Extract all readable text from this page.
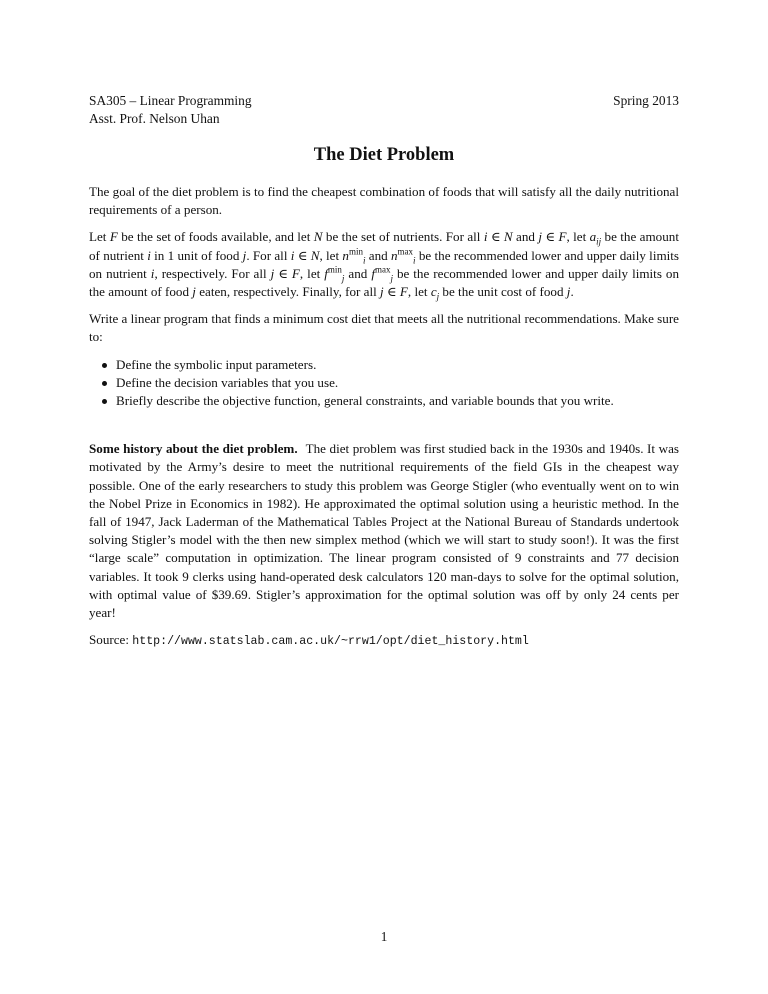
SA305 – Linear Programming
Asst. Prof. Nelson Uhan
Spring 2013
The Diet Problem

The goal of the diet problem is to find the cheapest combination of foods that will satisfy all the daily nutritional requirements of a person.

Let F be the set of foods available, and let N be the set of nutrients. For all i ∈ N and j ∈ F, let $a_{ij}$ be the amount of nutrient i in 1 unit of food j. For all i ∈ N, let $n^{min}_i$ and $n^{max}_i$ be the recommended lower and upper daily limits on nutrient i, respectively. For all j ∈ F, let $f^{min}_j$ and $f^{max}_j$ be the recommended lower and upper daily limits on the amount of food j eaten, respectively. Finally, for all j ∈ F, let $c_j$ be the unit cost of food j.

Write a linear program that finds a minimum cost diet that meets all the nutritional recommendations. Make sure to:

Define the symbolic input parameters.
Define the decision variables that you use.
Briefly describe the objective function, general constraints, and variable bounds that you write.

Some history about the diet problem. The diet problem was first studied back in the 1930s and 1940s. It was motivated by the Army’s desire to meet the nutritional requirements of the field GIs in the cheapest way possible. One of the early researchers to study this problem was George Stigler (who eventually went on to win the Nobel Prize in Economics in 1982). He approximated the optimal solution using a heuristic method. In the fall of 1947, Jack Laderman of the Mathematical Tables Project at the National Bureau of Standards undertook solving Stigler’s model with the then new simplex method (which we will start to study soon!). It was the first “large scale” computation in optimization. The linear program consisted of 9 constraints and 77 decision variables. It took 9 clerks using hand-operated desk calculators 120 man-days to solve for the optimal solution, with optimal value of $39.69. Stigler’s approximation for the optimal solution was off by only 24 cents per year!

Source: http://www.statslab.cam.ac.uk/~rrw1/opt/diet_history.html

1
